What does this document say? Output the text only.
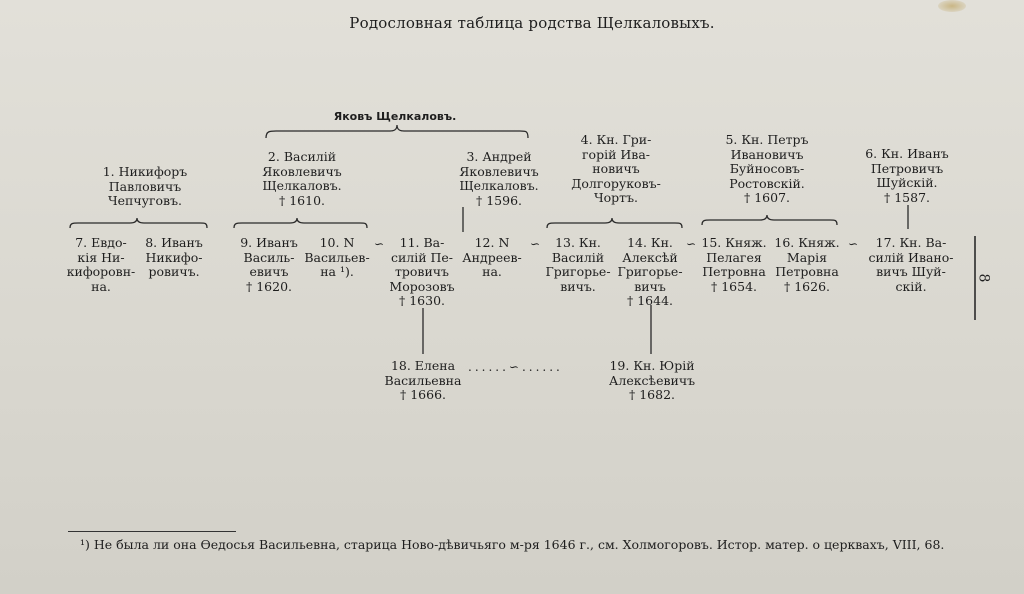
Родословная таблица родства Щелкаловыхъ.
Яковъ Щелкаловъ.
1. Никифоръ
Павловичъ
Чепчуговъ.
2. Василій
Яковлевичъ
Щелкаловъ.
† 1610.
3. Андрей
Яковлевичъ
Щелкаловъ.
† 1596.
4. Кн. Гри-
горій Ива-
новичъ
Долгоруковъ-
Чортъ.
5. Кн. Петръ
Ивановичъ
Буйносовъ-
Ростовскій.
† 1607.
6. Кн. Иванъ
Петровичъ
Шуйскій.
† 1587.
7. Евдо-
кія Ни-
кифоровн-
на.
8. Иванъ
Никифо-
ровичъ.
9. Иванъ
Василь-
евичъ
† 1620.
10. N
Васильев-
на ¹).
∽	11. Ва-
силій Пе-
тровичъ
Морозовъ
† 1630.
12. N
Андреев-
на.
∽	13. Кн.
Василій
Григорье-
вичъ.
14. Кн.
Алексѣй
Григорье-
вичъ
† 1644.
∽ 15. Княж.
Пелагея
Петровна
† 1654.
16. Княж.
Марія
Петровна
† 1626.
∽	17. Кн. Ва-
силій Ивано-
вичъ Шуй-
скій.
18. Елена
Васильевна
† 1666.
......∽......	19. Кн. Юрій
Алексѣевичъ
† 1682.
8
¹) Не была ли она Ѳедосья Васильевна, старица Ново-дѣвичьяго м-ря 1646 г., см. Холмогоровъ. Истор. матер. о церквахъ, VIII, 68.
